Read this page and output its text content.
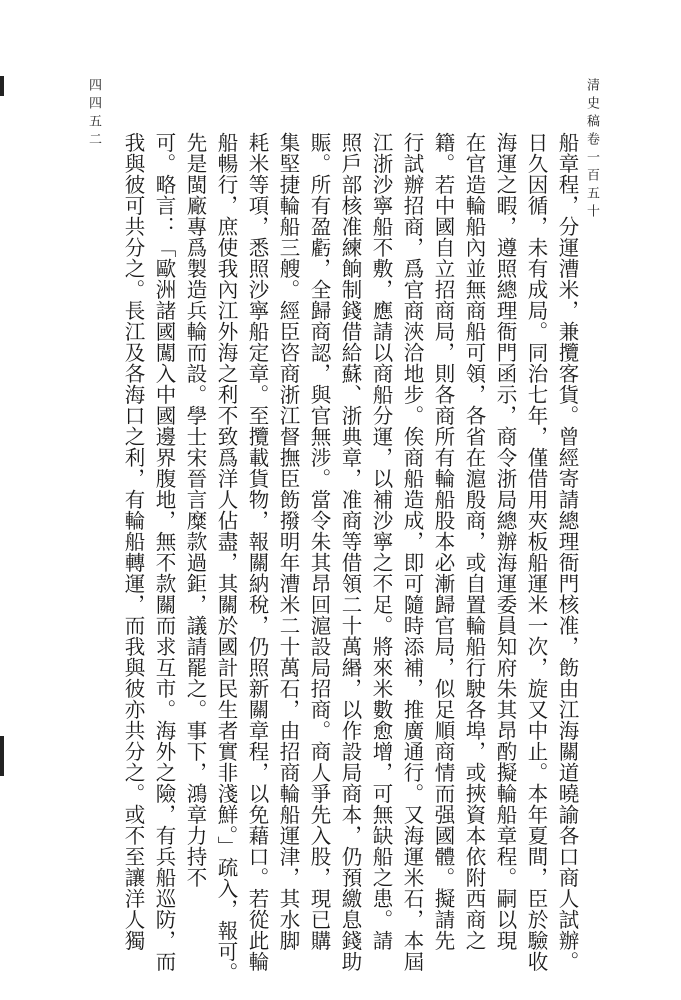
清史稿卷一百五十
四四五二
船章程，分運漕米，兼攬客貨。曾經寄請總理衙門核准，飭由江海關道曉諭各口商人試辦。
日久因循，未有成局。同治七年，僅借用夾板船運米一次，旋又中止。本年夏間，臣於驗收
海運之暇，遵照總理衙門函示，商令浙局總辦海運委員知府朱其昂酌擬輪船章程。嗣以現
在官造輪船內並無商船可領，各省在滬殷商，或自置輪船行駛各埠，或挾資本依附西商之
籍。若中國自立招商局，則各商所有輪船股本必漸歸官局，似足順商情而强國體。擬請先
行試辦招商，爲官商浹洽地步。俟商船造成，即可隨時添補，推廣通行。又海運米石，本屆
江浙沙寧船不敷，應請以商船分運，以補沙寧之不足。將來米數愈增，可無缺船之患。請
照戶部核准練餉制錢借給蘇、浙典章，准商等借領二十萬緡，以作設局商本，仍預繳息錢助
賑。所有盈虧，全歸商認，與官無涉。當令朱其昂回滬設局招商。商人爭先入股，現已購
集堅捷輪船三艘。經臣咨商浙江督撫臣飭撥明年漕米二十萬石，由招商輪船運津，其水脚
耗米等項，悉照沙寧船定章。至攬載貨物，報關納稅，仍照新關章程，以免藉口。若從此輪
船暢行，庶使我內江外海之利不致爲洋人佔盡，其關於國計民生者實非淺鮮。」疏入，報可。
先是閩廠專爲製造兵輪而設。學士宋晉言糜款過鉅，議請罷之。事下，鴻章力持不
可。略言：「歐洲諸國闖入中國邊界腹地，無不款關而求互市。海外之險，有兵船巡防，而
我與彼可共分之。長江及各海口之利，有輪船轉運，而我與彼亦共分之。或不至讓洋人獨
